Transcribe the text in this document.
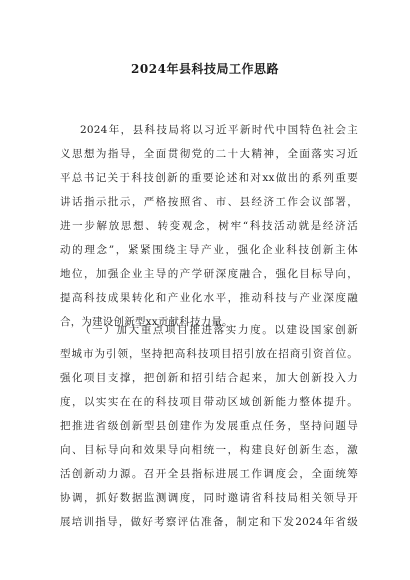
2024年县科技局工作思路
2024年，县科技局将以习近平新时代中国特色社会主
义思想为指导，全面贯彻党的二十大精神，全面落实习近
平总书记关于科技创新的重要论述和对xx做出的系列重要
讲话指示批示，严格按照省、市、县经济工作会议部署，
进一步解放思想、转变观念，树牢“科技活动就是经济活
动的理念”，紧紧围绕主导产业，强化企业科技创新主体
地位，加强企业主导的产学研深度融合，强化目标导向，
提高科技成果转化和产业化水平，推动科技与产业深度融
合，为建设创新型xx贡献科技力量。
（一）加大重点项目推进落实力度。以建设国家创新
型城市为引领，坚持把高科技项目招引放在招商引资首位。
强化项目支撑，把创新和招引结合起来，加大创新投入力
度，以实实在在的科技项目带动区域创新能力整体提升。
把推进省级创新型县创建作为发展重点任务，坚持问题导
向、目标导向和效果导向相统一，构建良好创新生态，激
活创新动力源。召开全县指标进展工作调度会，全面统筹
协调，抓好数据监测调度，同时邀请省科技局相关领导开
展培训指导，做好考察评估准备，制定和下发2024年省级
